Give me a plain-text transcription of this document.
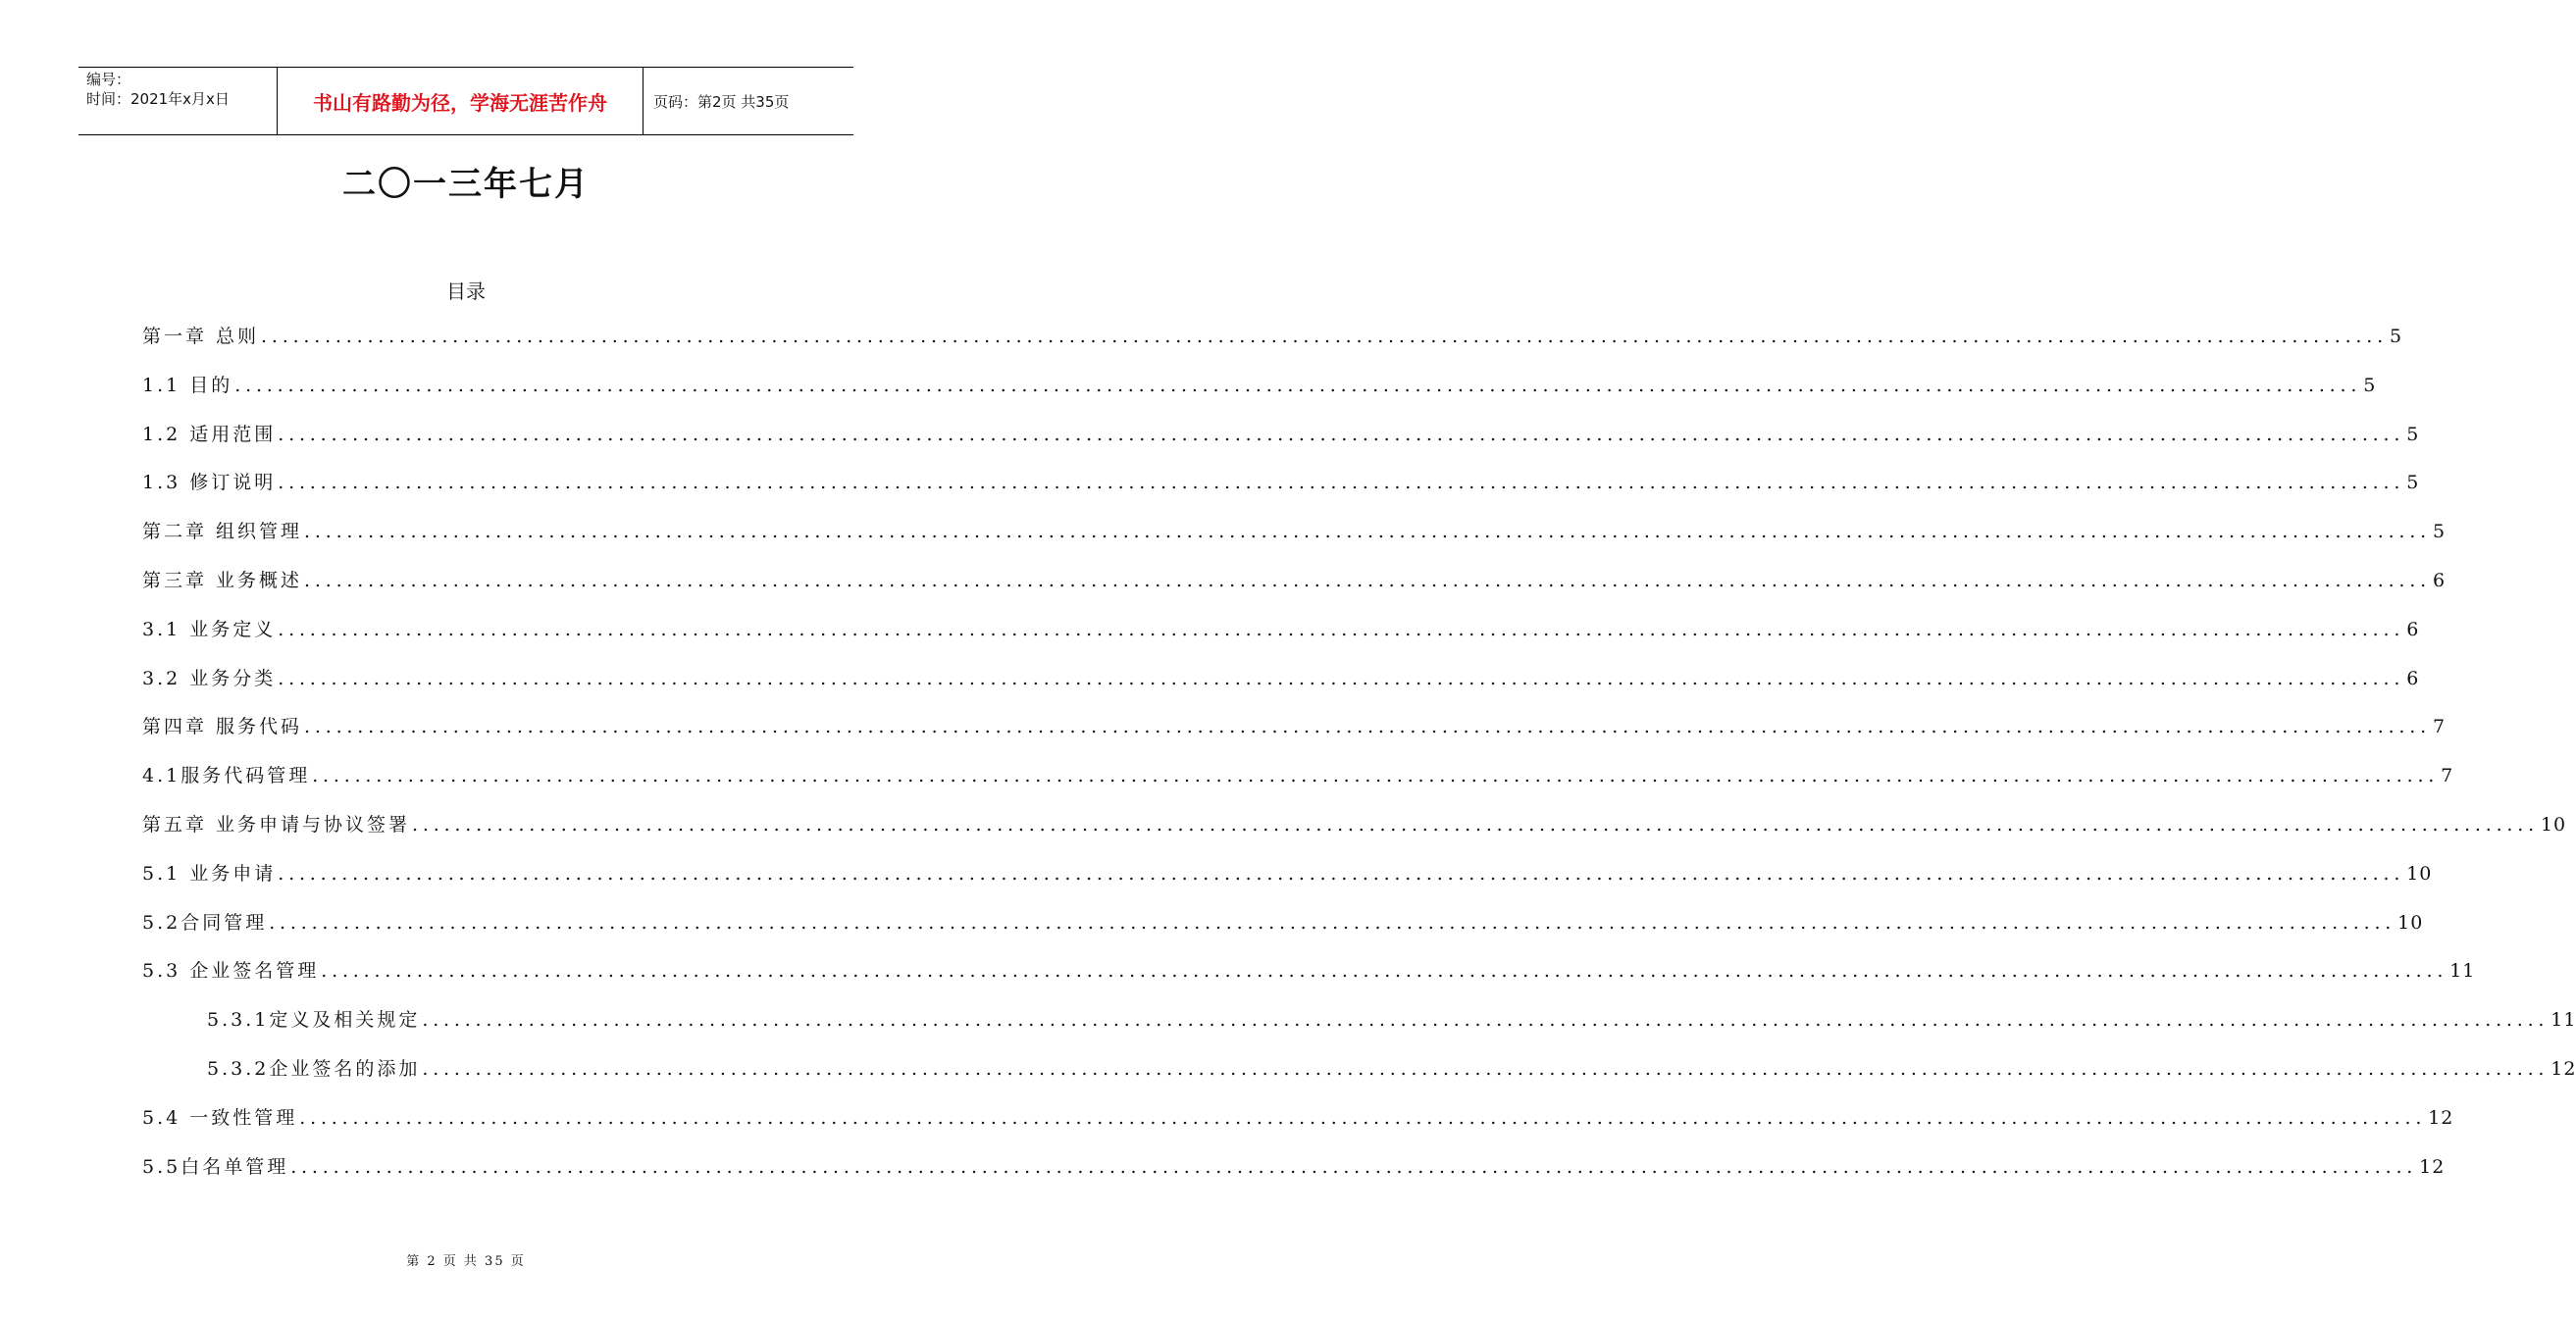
编号：
时间：2021年x月x日	书山有路勤为径，学海无涯苦作舟	页码：第2页 共35页
二〇一三年七月
目录
第一章 总则 ........................................................................................................................................................................................................ 5
1.1 目的 ........................................................................................................................................................................................................ 5
1.2 适用范围 ........................................................................................................................................................................................................ 5
1.3 修订说明 ........................................................................................................................................................................................................ 5
第二章 组织管理 ........................................................................................................................................................................................................ 5
第三章 业务概述 ........................................................................................................................................................................................................ 6
3.1 业务定义 ........................................................................................................................................................................................................ 6
3.2 业务分类 ........................................................................................................................................................................................................ 6
第四章 服务代码 ........................................................................................................................................................................................................ 7
4.1服务代码管理 ........................................................................................................................................................................................................ 7
第五章 业务申请与协议签署 ........................................................................................................................................................................................................ 10
5.1 业务申请 ........................................................................................................................................................................................................ 10
5.2合同管理 ........................................................................................................................................................................................................ 10
5.3 企业签名管理 ........................................................................................................................................................................................................ 11
5.3.1定义及相关规定 ........................................................................................................................................................................................................ 11
5.3.2企业签名的添加 ........................................................................................................................................................................................................ 12
5.4 一致性管理 ........................................................................................................................................................................................................ 12
5.5白名单管理 ........................................................................................................................................................................................................ 12
第 2 页 共 35 页
